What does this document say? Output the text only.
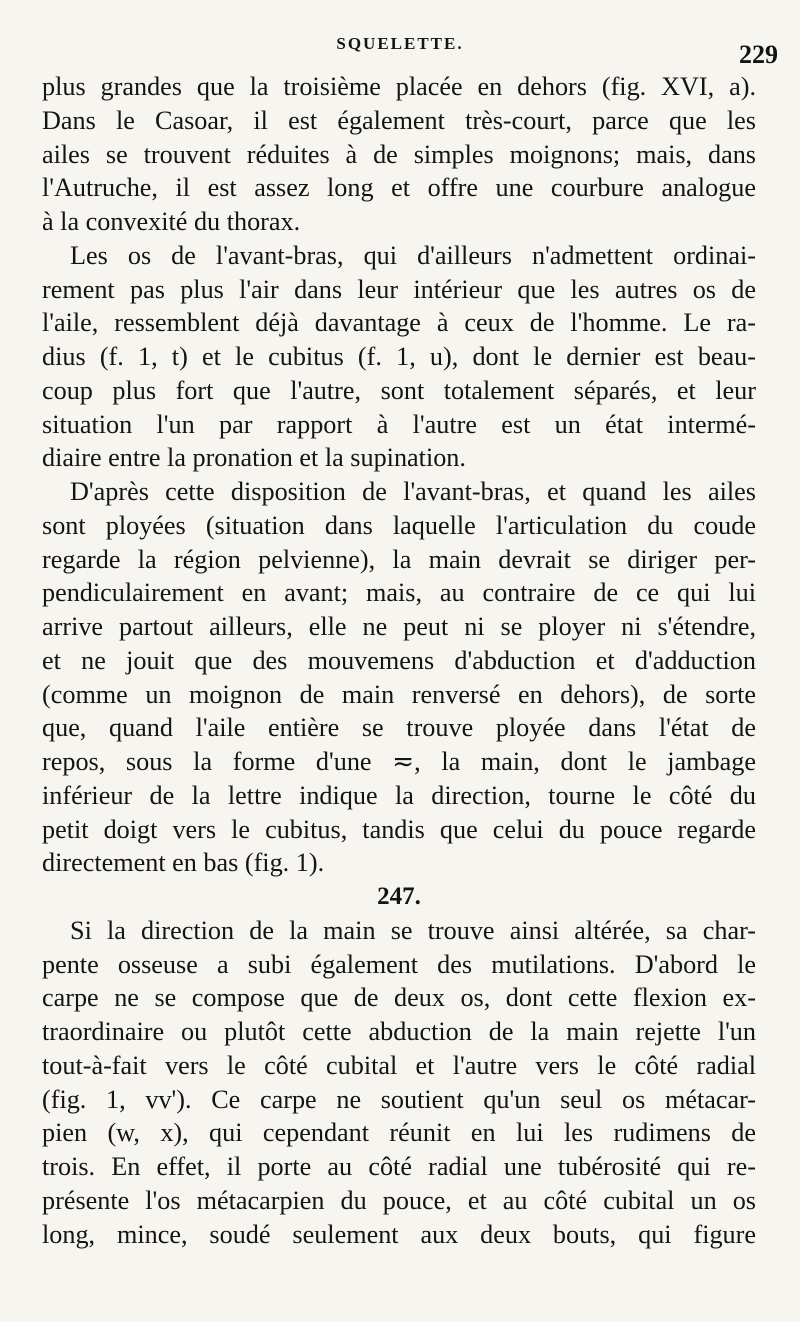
SQUELETTE.	229
plus grandes que la troisième placée en dehors (fig. XVI, a).
Dans le Casoar, il est également très-court, parce que les
ailes se trouvent réduites à de simples moignons; mais, dans
l'Autruche, il est assez long et offre une courbure analogue
à la convexité du thorax.
Les os de l'avant-bras, qui d'ailleurs n'admettent ordinai-
rement pas plus l'air dans leur intérieur que les autres os de
l'aile, ressemblent déjà davantage à ceux de l'homme. Le ra-
dius (f. 1, t) et le cubitus (f. 1, u), dont le dernier est beau-
coup plus fort que l'autre, sont totalement séparés, et leur
situation l'un par rapport à l'autre est un état intermé-
diaire entre la pronation et la supination.
D'après cette disposition de l'avant-bras, et quand les ailes
sont ployées (situation dans laquelle l'articulation du coude
regarde la région pelvienne), la main devrait se diriger per-
pendiculairement en avant; mais, au contraire de ce qui lui
arrive partout ailleurs, elle ne peut ni se ployer ni s'étendre,
et ne jouit que des mouvemens d'abduction et d'adduction
(comme un moignon de main renversé en dehors), de sorte
que, quand l'aile entière se trouve ployée dans l'état de
repos, sous la forme d'une ≂, la main, dont le jambage
inférieur de la lettre indique la direction, tourne le côté du
petit doigt vers le cubitus, tandis que celui du pouce regarde
directement en bas (fig. 1).
247.
Si la direction de la main se trouve ainsi altérée, sa char-
pente osseuse a subi également des mutilations. D'abord le
carpe ne se compose que de deux os, dont cette flexion ex-
traordinaire ou plutôt cette abduction de la main rejette l'un
tout-à-fait vers le côté cubital et l'autre vers le côté radial
(fig. 1, vv'). Ce carpe ne soutient qu'un seul os métacar-
pien (w, x), qui cependant réunit en lui les rudimens de
trois. En effet, il porte au côté radial une tubérosité qui re-
présente l'os métacarpien du pouce, et au côté cubital un os
long, mince, soudé seulement aux deux bouts, qui figure
